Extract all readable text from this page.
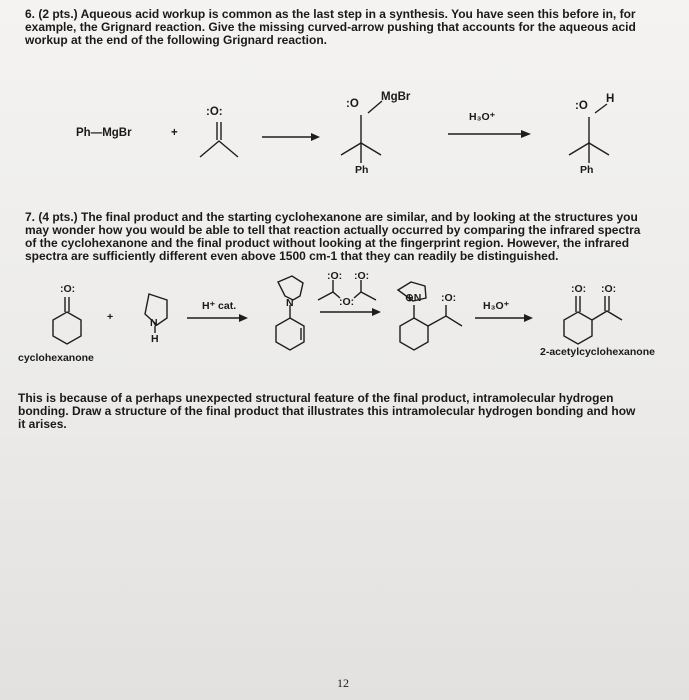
6. (2 pts.) Aqueous acid workup is common as the last step in a synthesis. You have seen this before in, for
example, the Grignard reaction. Give the missing curved-arrow pushing that accounts for the aqueous acid
workup at the end of the following Grignard reaction.
Ph—MgBr	+
:O:
:O
MgBr
Ph
H₃O⁺
:O
H
Ph
7. (4 pts.) The final product and the starting cyclohexanone are similar, and by looking at the structures you
may wonder how you would be able to tell that reaction actually occurred by comparing the infrared spectra
of the cyclohexanone and the final product without looking at the fingerprint region. However, the infrared
spectra are sufficiently different even above 1500 cm-1 that they can readily be distinguished.
:O:
+	N
H
H⁺ cat.	N
:O: :O:
:O:	⊕N :O:
H₃O⁺
:O: :O:
cyclohexanone	2-acetylcyclohexanone
This is because of a perhaps unexpected structural feature of the final product, intramolecular hydrogen
bonding. Draw a structure of the final product that illustrates this intramolecular hydrogen bonding and how
it arises.
12
